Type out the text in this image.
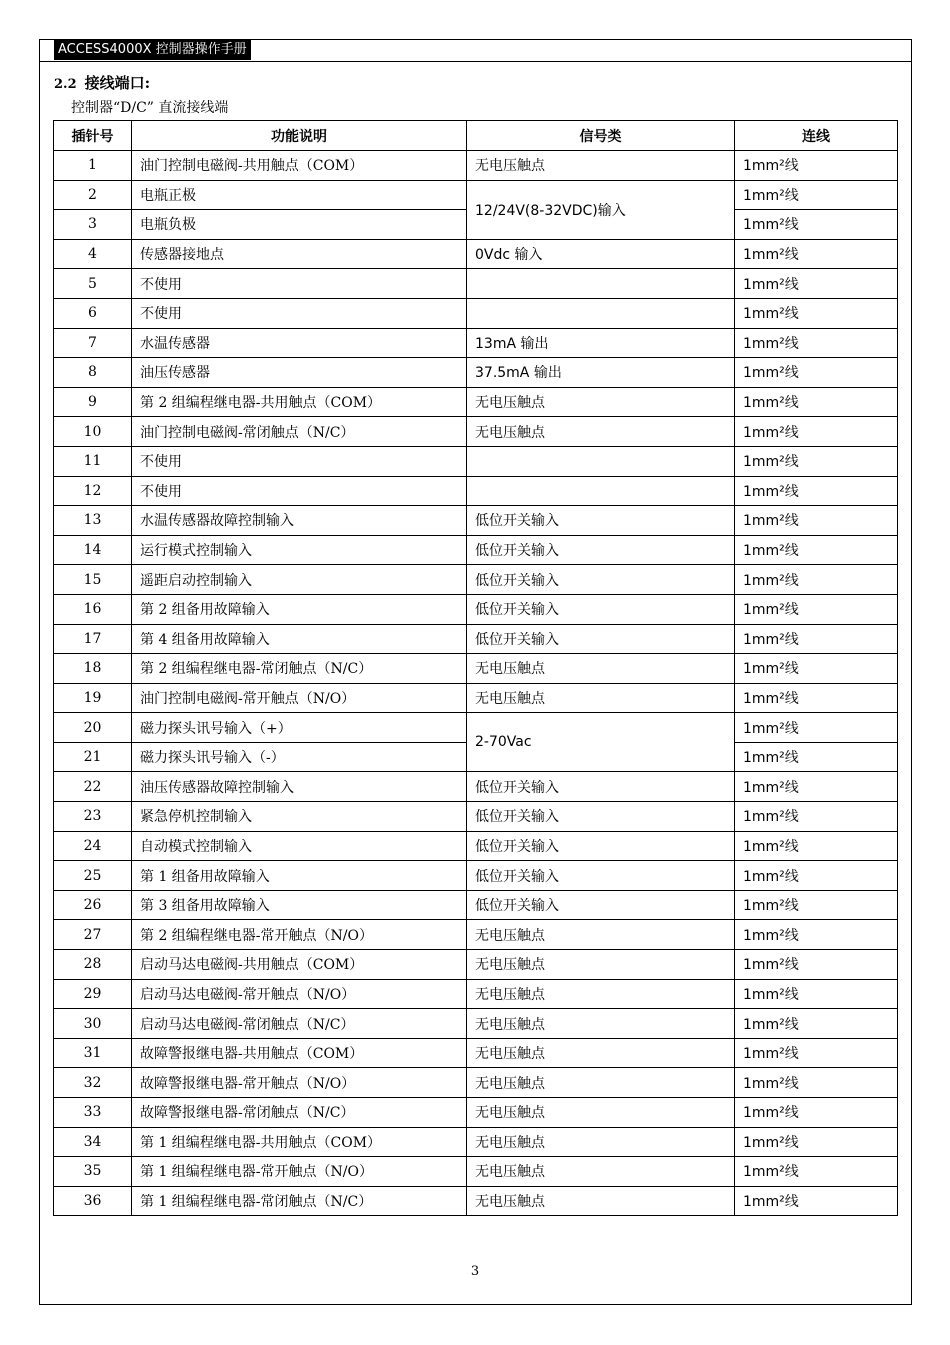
ACCESS4000X 控制器操作手册
2.2 接线端口:
控制器“D/C” 直流接线端
插针号	功能说明	信号类	连线
1	油门控制电磁阀-共用触点（COM）	无电压触点	1mm²线
2	电瓶正极	12/24V(8-32VDC)输入	1mm²线
3	电瓶负极		1mm²线
4	传感器接地点	0Vdc 输入	1mm²线
5	不使用		1mm²线
6	不使用		1mm²线
7	水温传感器	13mA 输出	1mm²线
8	油压传感器	37.5mA 输出	1mm²线
9	第 2 组编程继电器-共用触点（COM）	无电压触点	1mm²线
10	油门控制电磁阀-常闭触点（N/C）	无电压触点	1mm²线
11	不使用		1mm²线
12	不使用		1mm²线
13	水温传感器故障控制输入	低位开关输入	1mm²线
14	运行模式控制输入	低位开关输入	1mm²线
15	遥距启动控制输入	低位开关输入	1mm²线
16	第 2 组备用故障输入	低位开关输入	1mm²线
17	第 4 组备用故障输入	低位开关输入	1mm²线
18	第 2 组编程继电器-常闭触点（N/C）	无电压触点	1mm²线
19	油门控制电磁阀-常开触点（N/O）	无电压触点	1mm²线
20	磁力探头讯号输入（+）	2-70Vac	1mm²线
21	磁力探头讯号输入（-）		1mm²线
22	油压传感器故障控制输入	低位开关输入	1mm²线
23	紧急停机控制输入	低位开关输入	1mm²线
24	自动模式控制输入	低位开关输入	1mm²线
25	第 1 组备用故障输入	低位开关输入	1mm²线
26	第 3 组备用故障输入	低位开关输入	1mm²线
27	第 2 组编程继电器-常开触点（N/O）	无电压触点	1mm²线
28	启动马达电磁阀-共用触点（COM）	无电压触点	1mm²线
29	启动马达电磁阀-常开触点（N/O）	无电压触点	1mm²线
30	启动马达电磁阀-常闭触点（N/C）	无电压触点	1mm²线
31	故障警报继电器-共用触点（COM）	无电压触点	1mm²线
32	故障警报继电器-常开触点（N/O）	无电压触点	1mm²线
33	故障警报继电器-常闭触点（N/C）	无电压触点	1mm²线
34	第 1 组编程继电器-共用触点（COM）	无电压触点	1mm²线
35	第 1 组编程继电器-常开触点（N/O）	无电压触点	1mm²线
36	第 1 组编程继电器-常闭触点（N/C）	无电压触点	1mm²线
3
